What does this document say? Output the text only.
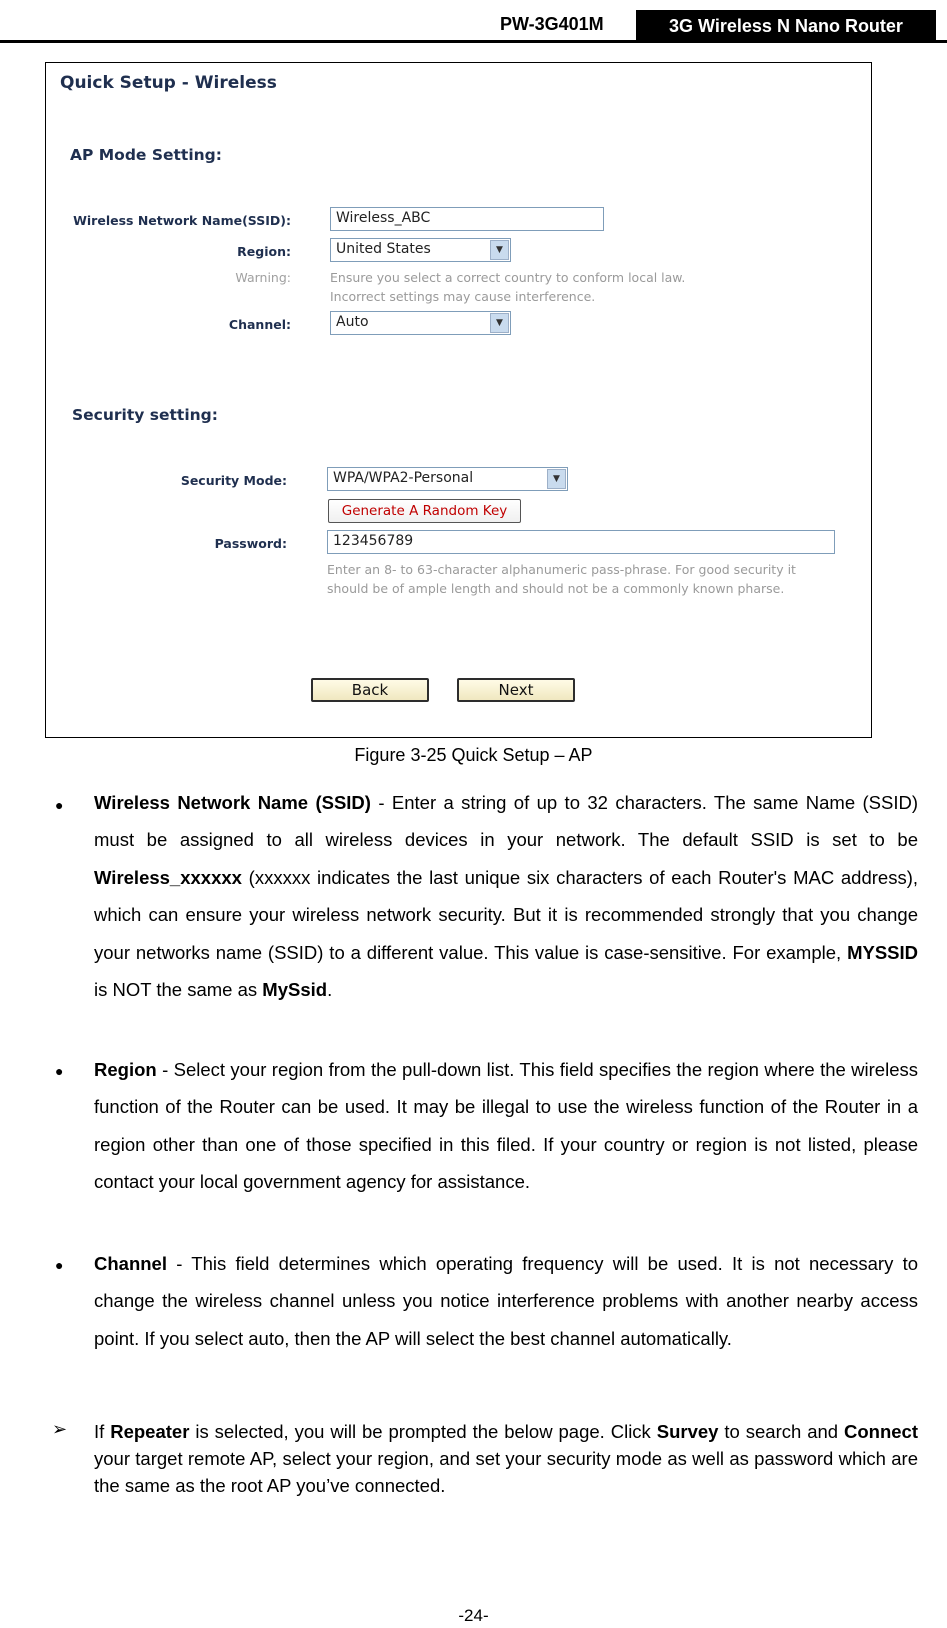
PW-3G401M	3G Wireless N Nano Router
Quick Setup - Wireless
AP Mode Setting:
Wireless Network Name(SSID):	Wireless_ABC
Region:	United States	▼
Warning:	Ensure you select a correct country to conform local law.
Incorrect settings may cause interference.
Channel:	Auto	▼
Security setting:
Security Mode:	WPA/WPA2-Personal	▼
Generate A Random Key
Password:	123456789
Enter an 8- to 63-character alphanumeric pass-phrase. For good security it
should be of ample length and should not be a commonly known pharse.
Back	Next
Figure 3-25 Quick Setup – AP
● Wireless Network Name (SSID) - Enter a string of up to 32 characters. The same Name (SSID) must be assigned to all wireless devices in your network. The default SSID is set to be Wireless_xxxxxx (xxxxxx indicates the last unique six characters of each Router's MAC address), which can ensure your wireless network security. But it is recommended strongly that you change your networks name (SSID) to a different value. This value is case-sensitive. For example, MYSSID is NOT the same as MySsid.
● Region - Select your region from the pull-down list. This field specifies the region where the wireless function of the Router can be used. It may be illegal to use the wireless function of the Router in a region other than one of those specified in this filed. If your country or region is not listed, please contact your local government agency for assistance.
● Channel - This field determines which operating frequency will be used. It is not necessary to change the wireless channel unless you notice interference problems with another nearby access point. If you select auto, then the AP will select the best channel automatically.
➢ If Repeater is selected, you will be prompted the below page. Click Survey to search and Connect your target remote AP, select your region, and set your security mode as well as password which are the same as the root AP you’ve connected.
-24-
